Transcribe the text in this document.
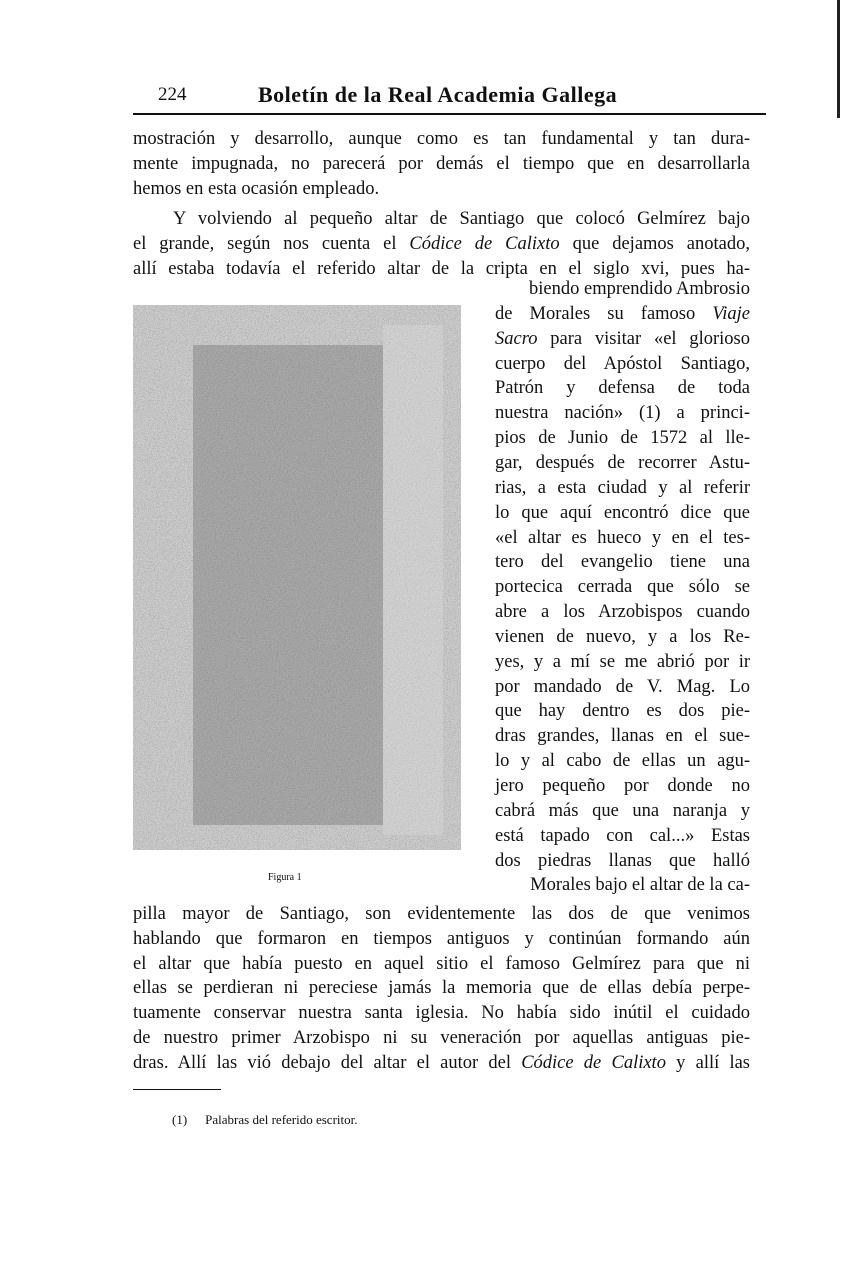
224	Boletín de la Real Academia Gallega
mostración y desarrollo, aunque como es tan fundamental y tan dura-
mente impugnada, no parecerá por demás el tiempo que en desarrollarla
hemos en esta ocasión empleado.
Y volviendo al pequeño altar de Santiago que colocó Gelmírez bajo
el grande, según nos cuenta el Códice de Calixto que dejamos anotado,
allí estaba todavía el referido altar de la cripta en el siglo xvi, pues ha-
biendo emprendido Ambrosio
de Morales su famoso Viaje
Sacro para visitar «el glorioso
cuerpo del Apóstol Santiago,
Patrón y defensa de toda
nuestra nación» (1) a princi-
pios de Junio de 1572 al lle-
gar, después de recorrer Astu-
rias, a esta ciudad y al referir
lo que aquí encontró dice que
«el altar es hueco y en el tes-
tero del evangelio tiene una
portecica cerrada que sólo se
abre a los Arzobispos cuando
vienen de nuevo, y a los Re-
yes, y a mí se me abrió por ir
por mandado de V. Mag. Lo
que hay dentro es dos pie-
dras grandes, llanas en el sue-
lo y al cabo de ellas un agu-
jero pequeño por donde no
cabrá más que una naranja y
está tapado con cal...» Estas
dos piedras llanas que halló
Morales bajo el altar de la ca-
pilla mayor de Santiago, son evidentemente las dos de que venimos
hablando que formaron en tiempos antiguos y continúan formando aún
el altar que había puesto en aquel sitio el famoso Gelmírez para que ni
ellas se perdieran ni pereciese jamás la memoria que de ellas debía perpe-
tuamente conservar nuestra santa iglesia. No había sido inútil el cuidado
de nuestro primer Arzobispo ni su veneración por aquellas antiguas pie-
dras. Allí las vió debajo del altar el autor del Códice de Calixto y allí las
Figura 1
(1) Palabras del referido escritor.
